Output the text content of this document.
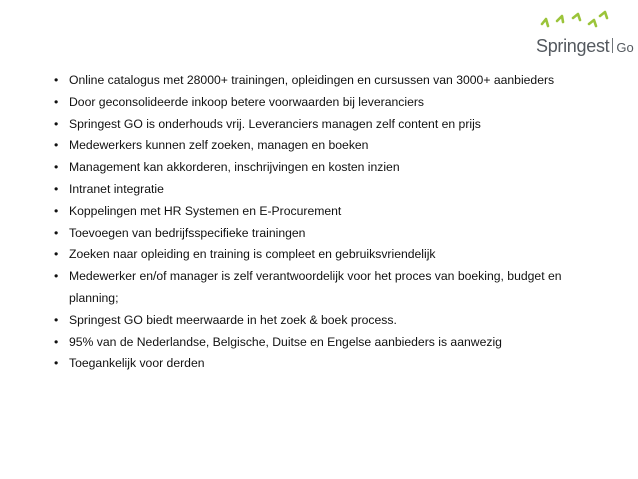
Springest Go
• Online catalogus met 28000+ trainingen, opleidingen en cursussen van 3000+ aanbieders
• Door geconsolideerde inkoop betere voorwaarden bij leveranciers
• Springest GO is onderhouds vrij. Leveranciers managen zelf content en prijs
• Medewerkers kunnen zelf zoeken, managen en boeken
• Management kan akkorderen, inschrijvingen en kosten inzien
• Intranet integratie
• Koppelingen met HR Systemen en E-Procurement
• Toevoegen van bedrijfsspecifieke trainingen
• Zoeken naar opleiding en training is compleet en gebruiksvriendelijk
• Medewerker en/of manager is zelf verantwoordelijk voor het proces van boeking, budget en planning;
• Springest GO biedt meerwaarde in het zoek & boek process.
• 95% van de Nederlandse, Belgische, Duitse en Engelse aanbieders is aanwezig
• Toegankelijk voor derden
